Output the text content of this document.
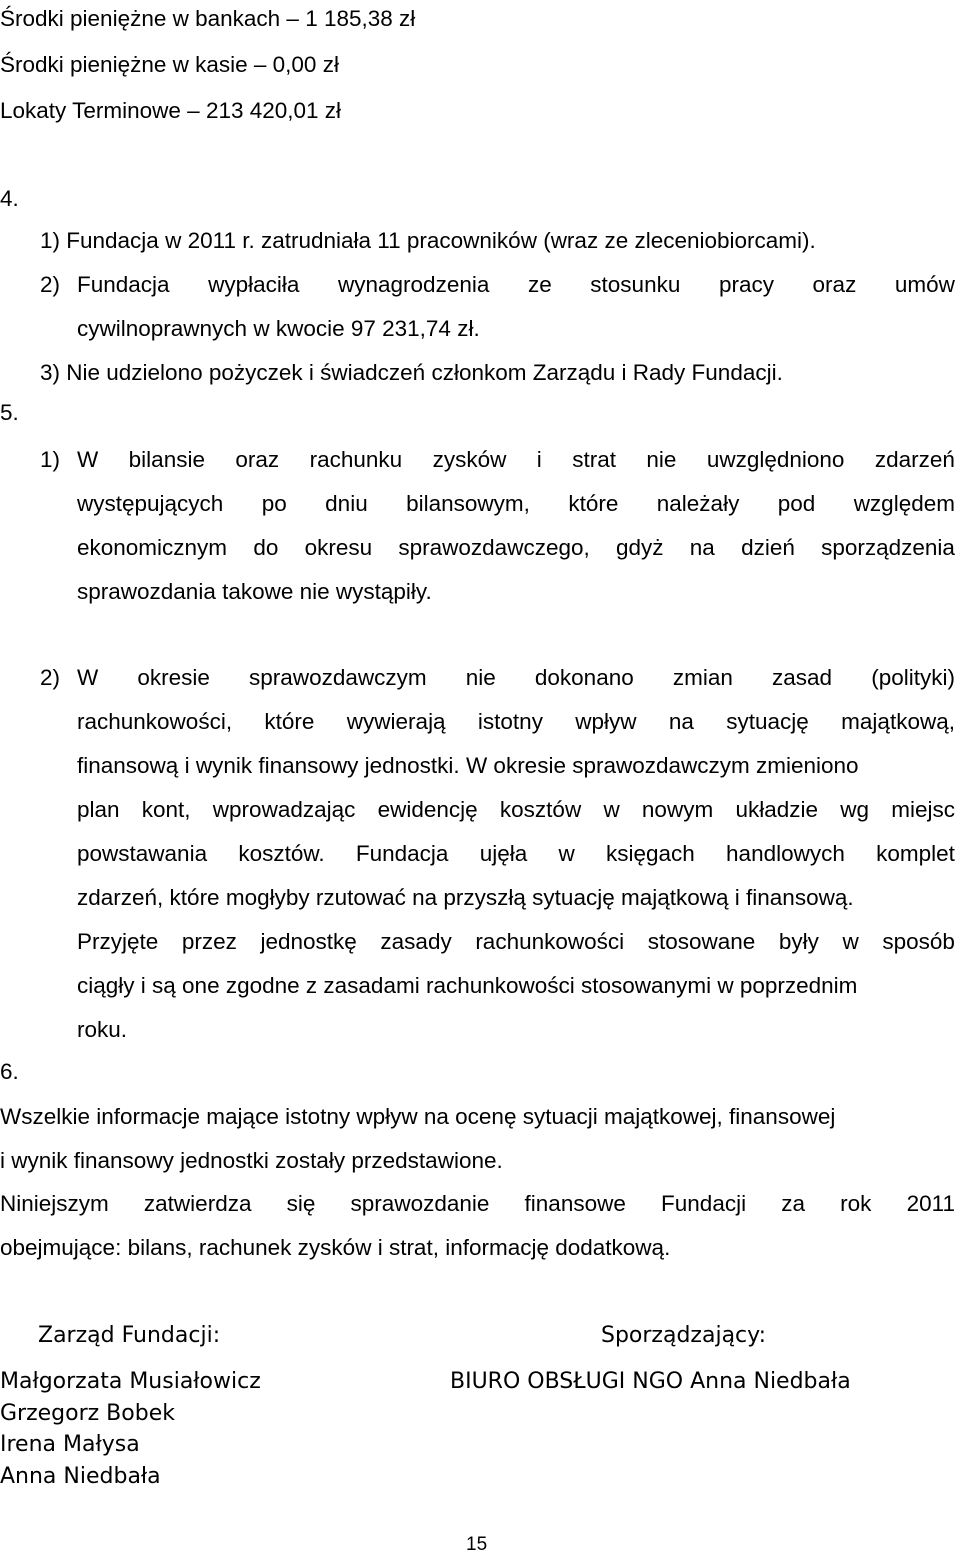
Środki pieniężne w bankach – 1 185,38 zł
Środki pieniężne w kasie – 0,00 zł
Lokaty Terminowe – 213 420,01 zł
4.
1) Fundacja w 2011 r. zatrudniała 11 pracowników (wraz ze zleceniobiorcami).
2) Fundacja wypłaciła wynagrodzenia ze stosunku pracy oraz umów
cywilnoprawnych w kwocie 97 231,74 zł.
3) Nie udzielono pożyczek i świadczeń członkom Zarządu i Rady Fundacji.
5.
1) W bilansie oraz rachunku zysków i strat nie uwzględniono zdarzeń
występujących po dniu bilansowym, które należały pod względem
ekonomicznym do okresu sprawozdawczego, gdyż na dzień sporządzenia
sprawozdania takowe nie wystąpiły.
2) W okresie sprawozdawczym nie dokonano zmian zasad (polityki)
rachunkowości, które wywierają istotny wpływ na sytuację majątkową,
finansową i wynik finansowy jednostki. W okresie sprawozdawczym zmieniono
plan kont, wprowadzając ewidencję kosztów w nowym układzie wg miejsc
powstawania kosztów. Fundacja ujęła w księgach handlowych komplet
zdarzeń, które mogłyby rzutować na przyszłą sytuację majątkową i finansową.
Przyjęte przez jednostkę zasady rachunkowości stosowane były w sposób
ciągły i są one zgodne z zasadami rachunkowości stosowanymi w poprzednim
roku.
6.
Wszelkie informacje mające istotny wpływ na ocenę sytuacji majątkowej, finansowej
i wynik finansowy jednostki zostały przedstawione.
Niniejszym zatwierdza się sprawozdanie finansowe Fundacji za rok 2011
obejmujące: bilans, rachunek zysków i strat, informację dodatkową.
Zarząd Fundacji:	Sporządzający:
Małgorzata Musiałowicz
Grzegorz Bobek
Irena Małysa
Anna Niedbała
BIURO OBSŁUGI NGO Anna Niedbała
15
